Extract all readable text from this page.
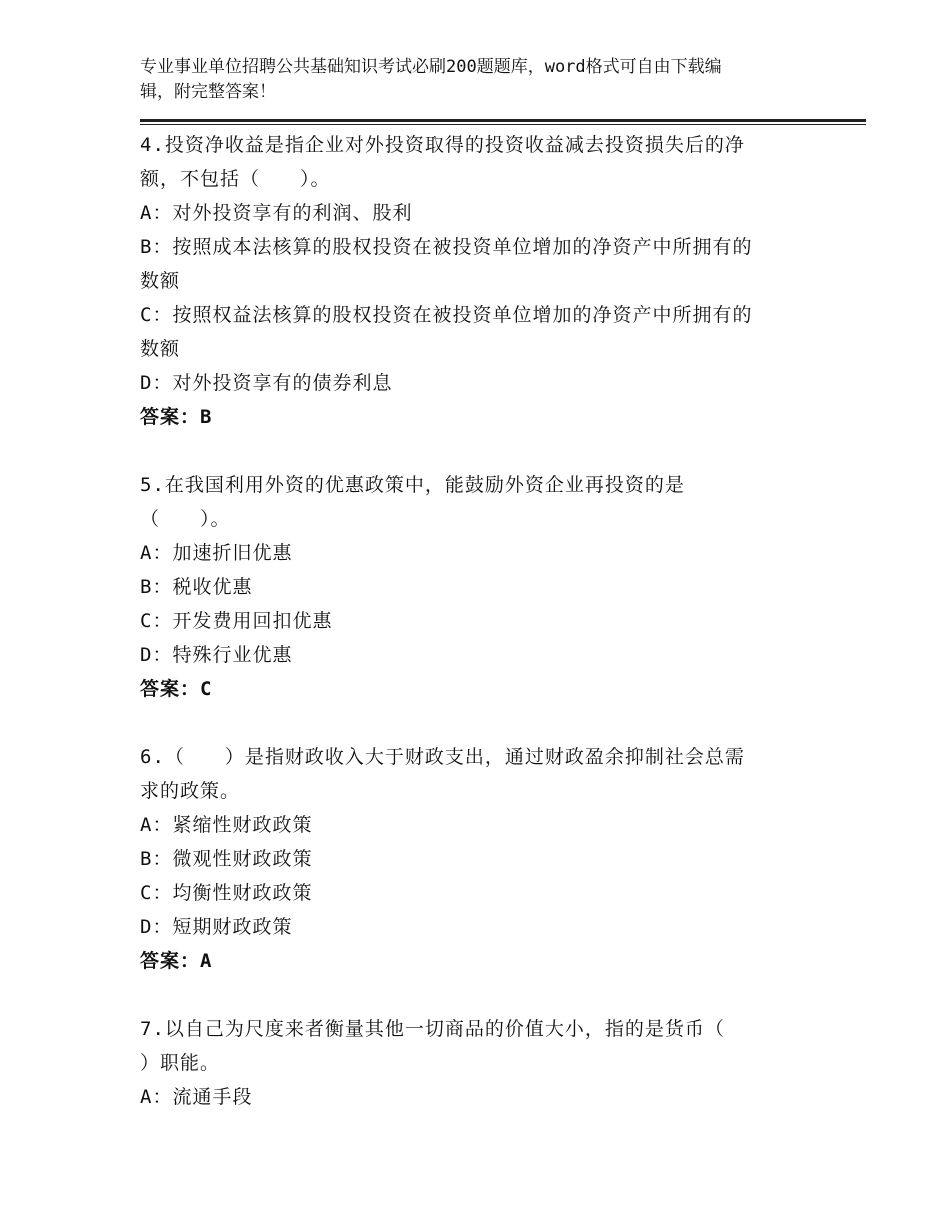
专业事业单位招聘公共基础知识考试必刷200题题库，word格式可自由下载编
辑，附完整答案！
4.投资净收益是指企业对外投资取得的投资收益减去投资损失后的净
额，不包括（　　）。
A：对外投资享有的利润、股利
B：按照成本法核算的股权投资在被投资单位增加的净资产中所拥有的
数额
C：按照权益法核算的股权投资在被投资单位增加的净资产中所拥有的
数额
D：对外投资享有的债券利息
答案：B
5.在我国利用外资的优惠政策中，能鼓励外资企业再投资的是
（　　）。
A：加速折旧优惠
B：税收优惠
C：开发费用回扣优惠
D：特殊行业优惠
答案：C
6.（　　）是指财政收入大于财政支出，通过财政盈余抑制社会总需
求的政策。
A：紧缩性财政政策
B：微观性财政政策
C：均衡性财政政策
D：短期财政政策
答案：A
7.以自己为尺度来者衡量其他一切商品的价值大小，指的是货币（
）职能。
A：流通手段
